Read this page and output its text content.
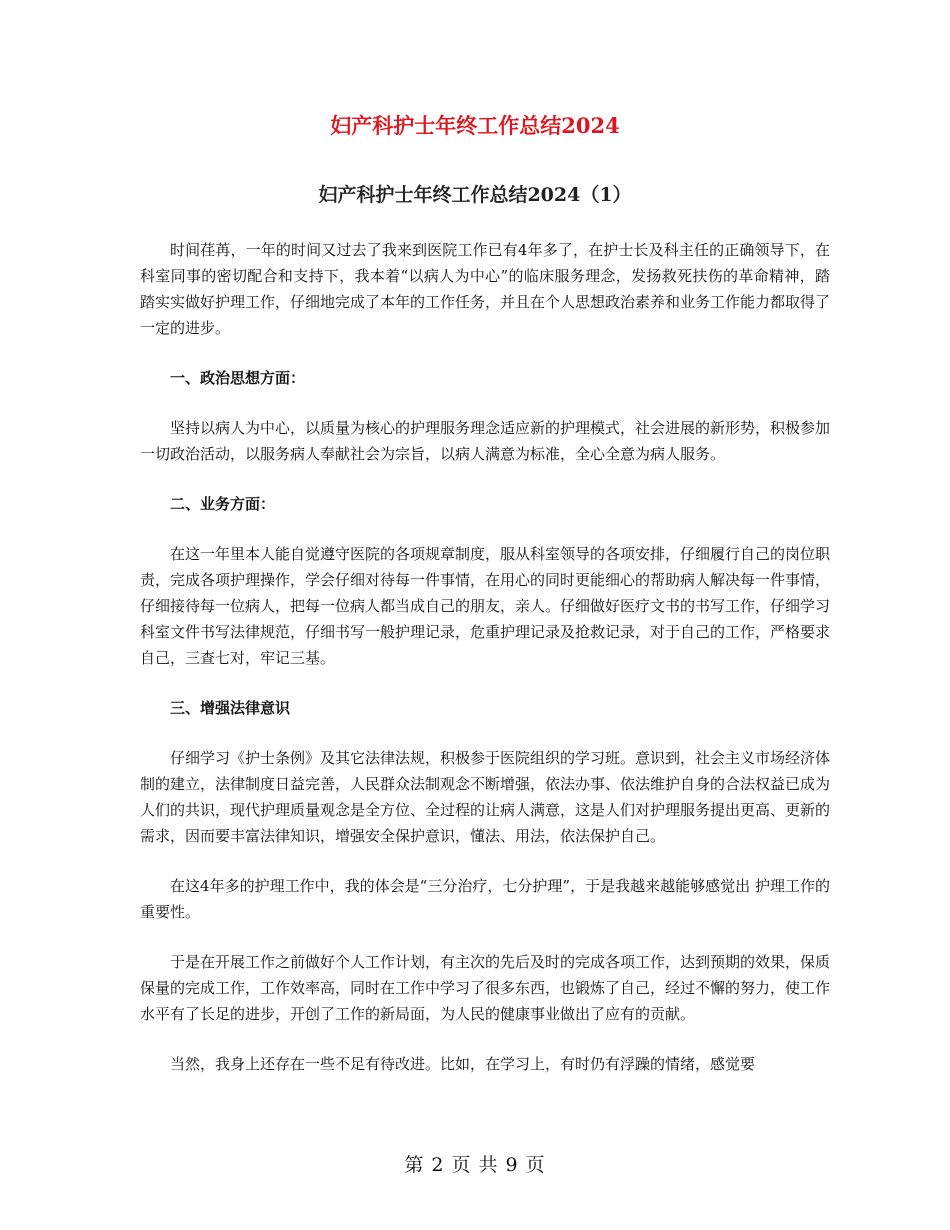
妇产科护士年终工作总结2024
妇产科护士年终工作总结2024（1）

时间荏苒，一年的时间又过去了我来到医院工作已有4年多了，在护士长及科主任的正确领导下，在科室同事的密切配合和支持下，我本着“以病人为中心”的临床服务理念，发扬救死扶伤的革命精神，踏踏实实做好护理工作，仔细地完成了本年的工作任务，并且在个人思想政治素养和业务工作能力都取得了一定的进步。

一、政治思想方面：

坚持以病人为中心，以质量为核心的护理服务理念适应新的护理模式，社会进展的新形势，积极参加一切政治活动，以服务病人奉献社会为宗旨，以病人满意为标准，全心全意为病人服务。

二、业务方面：

在这一年里本人能自觉遵守医院的各项规章制度，服从科室领导的各项安排，仔细履行自己的岗位职责，完成各项护理操作，学会仔细对待每一件事情，在用心的同时更能细心的帮助病人解决每一件事情，仔细接待每一位病人，把每一位病人都当成自己的朋友，亲人。仔细做好医疗文书的书写工作，仔细学习科室文件书写法律规范，仔细书写一般护理记录，危重护理记录及抢救记录，对于自己的工作，严格要求自己，三查七对，牢记三基。

三、增强法律意识

仔细学习《护士条例》及其它法律法规，积极参于医院组织的学习班。意识到，社会主义市场经济体制的建立，法律制度日益完善，人民群众法制观念不断增强，依法办事、依法维护自身的合法权益已成为人们的共识，现代护理质量观念是全方位、全过程的让病人满意，这是人们对护理服务提出更高、更新的需求，因而要丰富法律知识，增强安全保护意识，懂法、用法，依法保护自己。

在这4年多的护理工作中，我的体会是“三分治疗，七分护理”，于是我越来越能够感觉出 护理工作的重要性。

于是在开展工作之前做好个人工作计划，有主次的先后及时的完成各项工作，达到预期的效果，保质保量的完成工作，工作效率高，同时在工作中学习了很多东西，也锻炼了自己，经过不懈的努力，使工作水平有了长足的进步，开创了工作的新局面，为人民的健康事业做出了应有的贡献。

当然，我身上还存在一些不足有待改进。比如，在学习上，有时仍有浮躁的情绪，感觉要

第 2 页 共 9 页
